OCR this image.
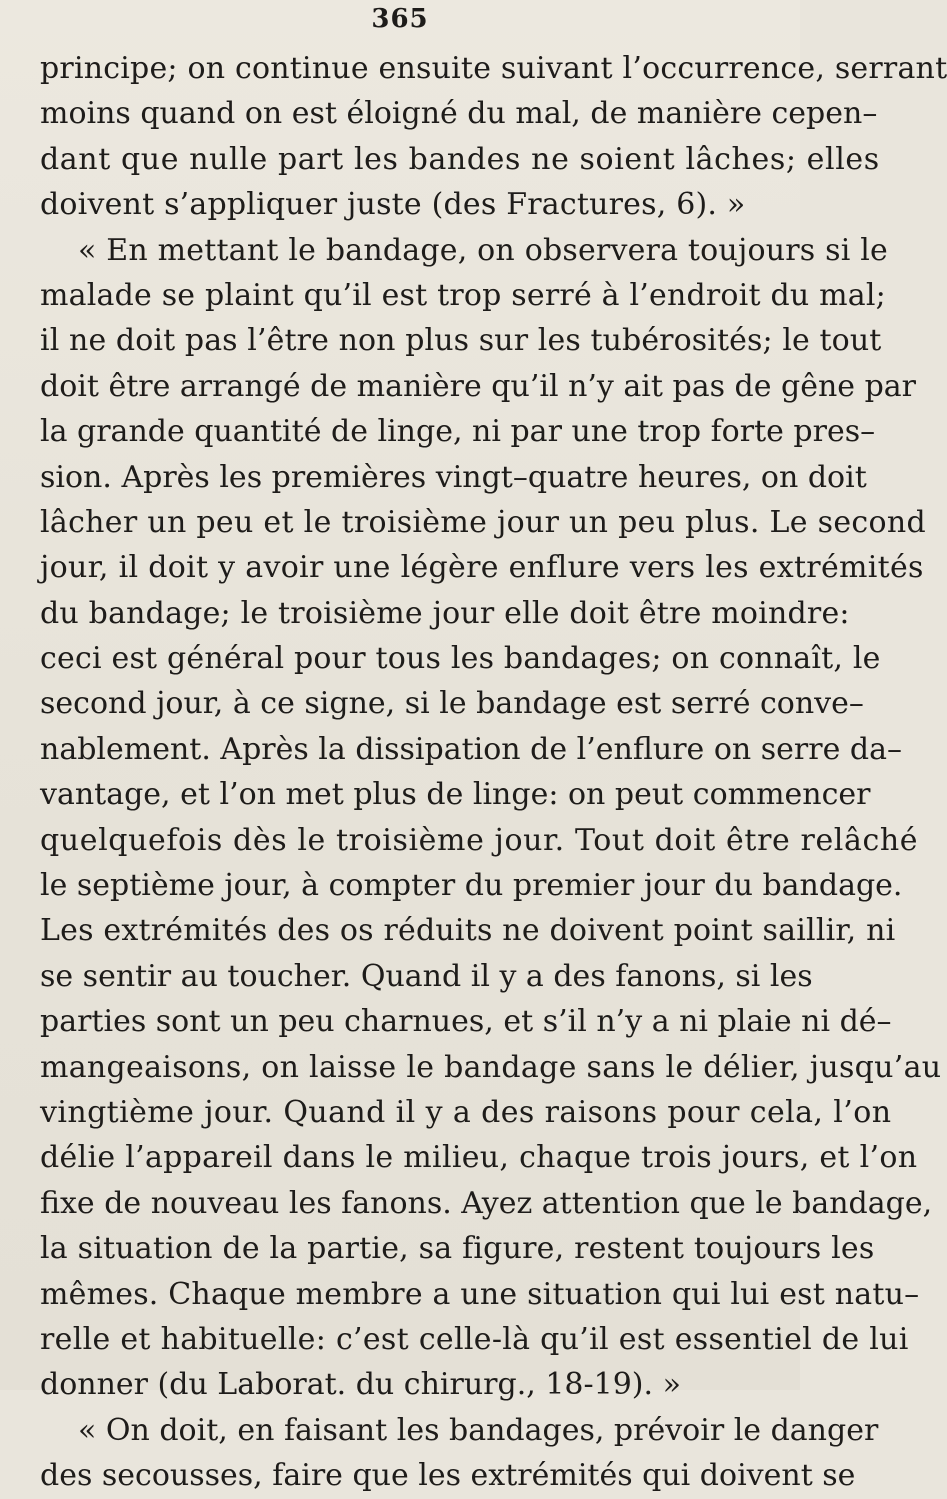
365
principe; on continue ensuite suivant l’occurrence, serrant
moins quand on est éloigné du mal, de manière cepen–
dant que nulle part les bandes ne soient lâches; elles
doivent s’appliquer juste (des Fractures, 6). »
« En mettant le bandage, on observera toujours si le
malade se plaint qu’il est trop serré à l’endroit du mal;
il ne doit pas l’être non plus sur les tubérosités; le tout
doit être arrangé de manière qu’il n’y ait pas de gêne par
la grande quantité de linge, ni par une trop forte pres–
sion. Après les premières vingt–quatre heures, on doit
lâcher un peu et le troisième jour un peu plus. Le second
jour, il doit y avoir une légère enflure vers les extrémités
du bandage; le troisième jour elle doit être moindre:
ceci est général pour tous les bandages; on connaît, le
second jour, à ce signe, si le bandage est serré conve–
nablement. Après la dissipation de l’enflure on serre da–
vantage, et l’on met plus de linge: on peut commencer
quelquefois dès le troisième jour. Tout doit être relâché
le septième jour, à compter du premier jour du bandage.
Les extrémités des os réduits ne doivent point saillir, ni
se sentir au toucher. Quand il y a des fanons, si les
parties sont un peu charnues, et s’il n’y a ni plaie ni dé–
mangeaisons, on laisse le bandage sans le délier, jusqu’au
vingtième jour. Quand il y a des raisons pour cela, l’on
délie l’appareil dans le milieu, chaque trois jours, et l’on
fixe de nouveau les fanons. Ayez attention que le bandage,
la situation de la partie, sa figure, restent toujours les
mêmes. Chaque membre a une situation qui lui est natu–
relle et habituelle: c’est celle-là qu’il est essentiel de lui
donner (du Laborat. du chirurg., 18-19). »
« On doit, en faisant les bandages, prévoir le danger
des secousses, faire que les extrémités qui doivent se
